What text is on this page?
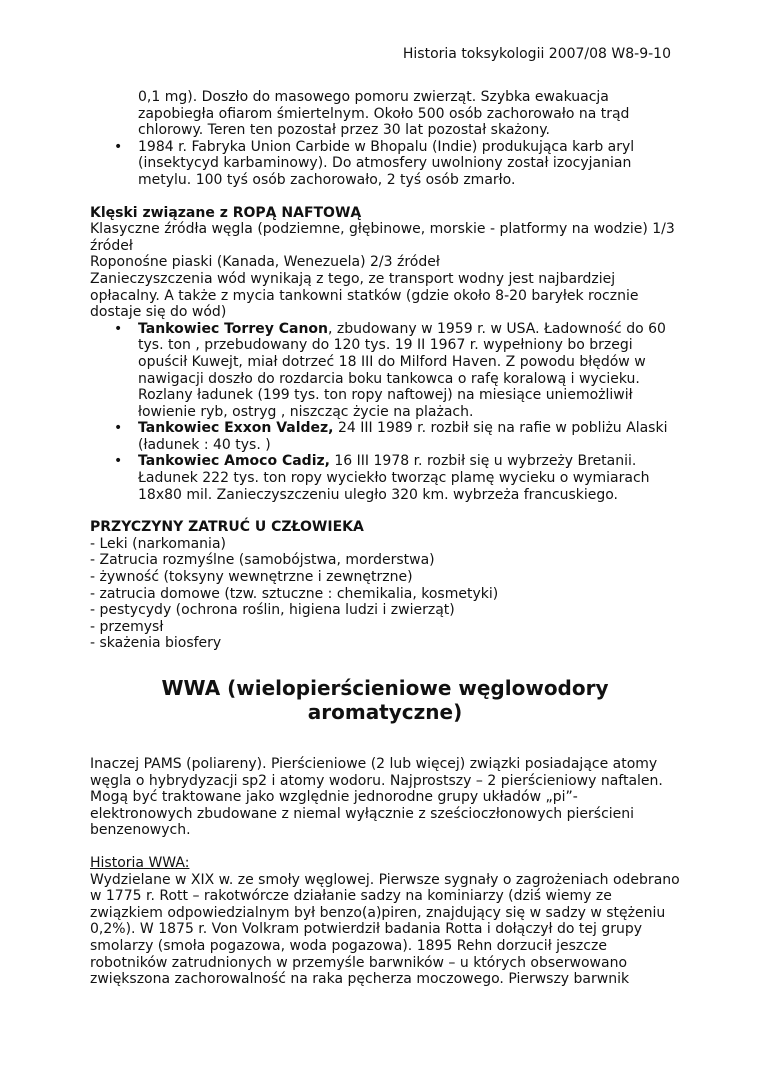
Historia toksykologii 2007/08 W8-9-10
0,1 mg). Doszło do masowego pomoru zwierząt. Szybka ewakuacja zapobiegła ofiarom śmiertelnym. Około 500 osób zachorowało na trąd chlorowy. Teren ten pozostał przez 30 lat pozostał skażony.
• 1984 r. Fabryka Union Carbide w Bhopalu (Indie) produkująca karb aryl (insektycyd karbaminowy). Do atmosfery uwolniony został izocyjanian metylu. 100 tyś osób zachorowało, 2 tyś osób zmarło.
Klęski związane z ROPĄ NAFTOWĄ
Klasyczne źródła węgla (podziemne, głębinowe, morskie - platformy na wodzie) 1/3 źródeł
Roponośne piaski (Kanada, Wenezuela) 2/3 źródeł
Zanieczyszczenia wód wynikają z tego, ze transport wodny jest najbardziej opłacalny. A także z mycia tankowni statków (gdzie około 8-20 baryłek rocznie dostaje się do wód)
• Tankowiec Torrey Canon, zbudowany w 1959 r. w USA. Ładowność do 60 tys. ton , przebudowany do 120 tys. 19 II 1967 r. wypełniony bo brzegi opuścił Kuwejt, miał dotrzeć 18 III do Milford Haven. Z powodu błędów w nawigacji doszło do rozdarcia boku tankowca o rafę koralową i wycieku. Rozlany ładunek (199 tys. ton ropy naftowej) na miesiące uniemożliwił łowienie ryb, ostryg , niszcząc życie na plażach.
• Tankowiec Exxon Valdez, 24 III 1989 r. rozbił się na rafie w pobliżu Alaski (ładunek : 40 tys. )
• Tankowiec Amoco Cadiz, 16 III 1978 r. rozbił się u wybrzeży Bretanii. Ładunek 222 tys. ton ropy wyciekło tworząc plamę wycieku o wymiarach 18x80 mil. Zanieczyszczeniu uległo 320 km. wybrzeża francuskiego.
PRZYCZYNY ZATRUĆ U CZŁOWIEKA
- Leki (narkomania)
- Zatrucia rozmyślne (samobójstwa, morderstwa)
- żywność (toksyny wewnętrzne i zewnętrzne)
- zatrucia domowe (tzw. sztuczne : chemikalia, kosmetyki)
- pestycydy (ochrona roślin, higiena ludzi i zwierząt)
- przemysł
- skażenia biosfery
WWA (wielopierścieniowe węglowodory aromatyczne)
Inaczej PAMS (poliareny). Pierścieniowe (2 lub więcej) związki posiadające atomy węgla o hybrydyzacji sp2 i atomy wodoru. Najprostszy – 2 pierścieniowy naftalen. Mogą być traktowane jako względnie jednorodne grupy układów „pi”-elektronowych zbudowane z niemal wyłącznie z sześcioczłonowych pierścieni benzenowych.
Historia WWA:
Wydzielane w XIX w. ze smoły węglowej. Pierwsze sygnały o zagrożeniach odebrano w 1775 r. Rott – rakotwórcze działanie sadzy na kominiarzy (dziś wiemy ze związkiem odpowiedzialnym był benzo(a)piren, znajdujący się w sadzy w stężeniu 0,2%). W 1875 r. Von Volkram potwierdził badania Rotta i dołączył do tej grupy smolarzy (smoła pogazowa, woda pogazowa). 1895 Rehn dorzucił jeszcze robotników zatrudnionych w przemyśle barwników – u których obserwowano zwiększona zachorowalność na raka pęcherza moczowego. Pierwszy barwnik
